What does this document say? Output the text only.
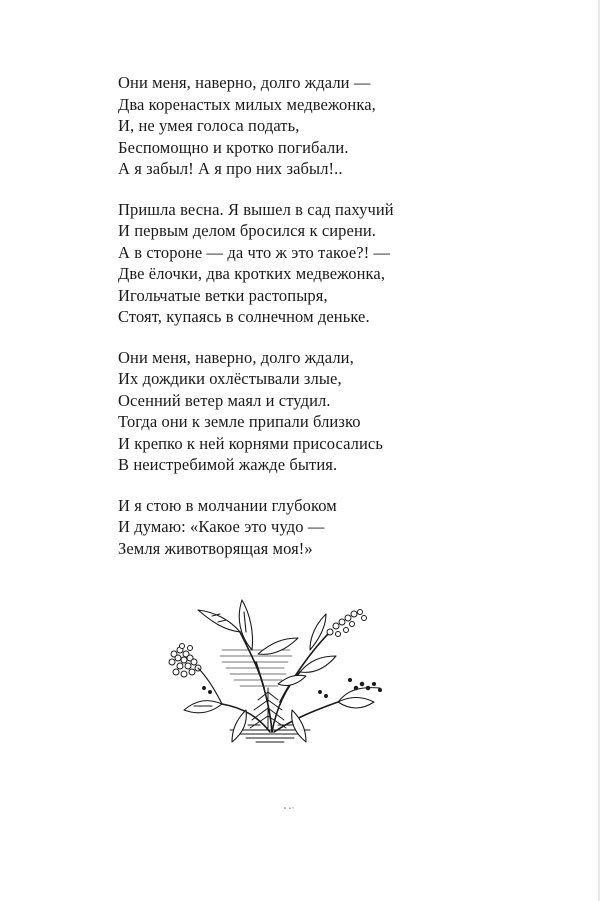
Они меня, наверно, долго ждали —
Два коренастых милых медвежонка,
И, не умея голоса подать,
Беспомощно и кротко погибали.
А я забыл! А я про них забыл!..
Пришла весна. Я вышел в сад пахучий
И первым делом бросился к сирени.
А в стороне — да что ж это такое?! —
Две ёлочки, два кротких медвежонка,
Игольчатые ветки растопыря,
Стоят, купаясь в солнечном деньке.
Они меня, наверно, долго ждали,
Их дождики охлёстывали злые,
Осенний ветер маял и студил.
Тогда они к земле припали близко
И крепко к ней корнями присосались
В неистребимой жажде бытия.
И я стою в молчании глубоком
И думаю: «Какое это чудо —
Земля животворящая моя!»
